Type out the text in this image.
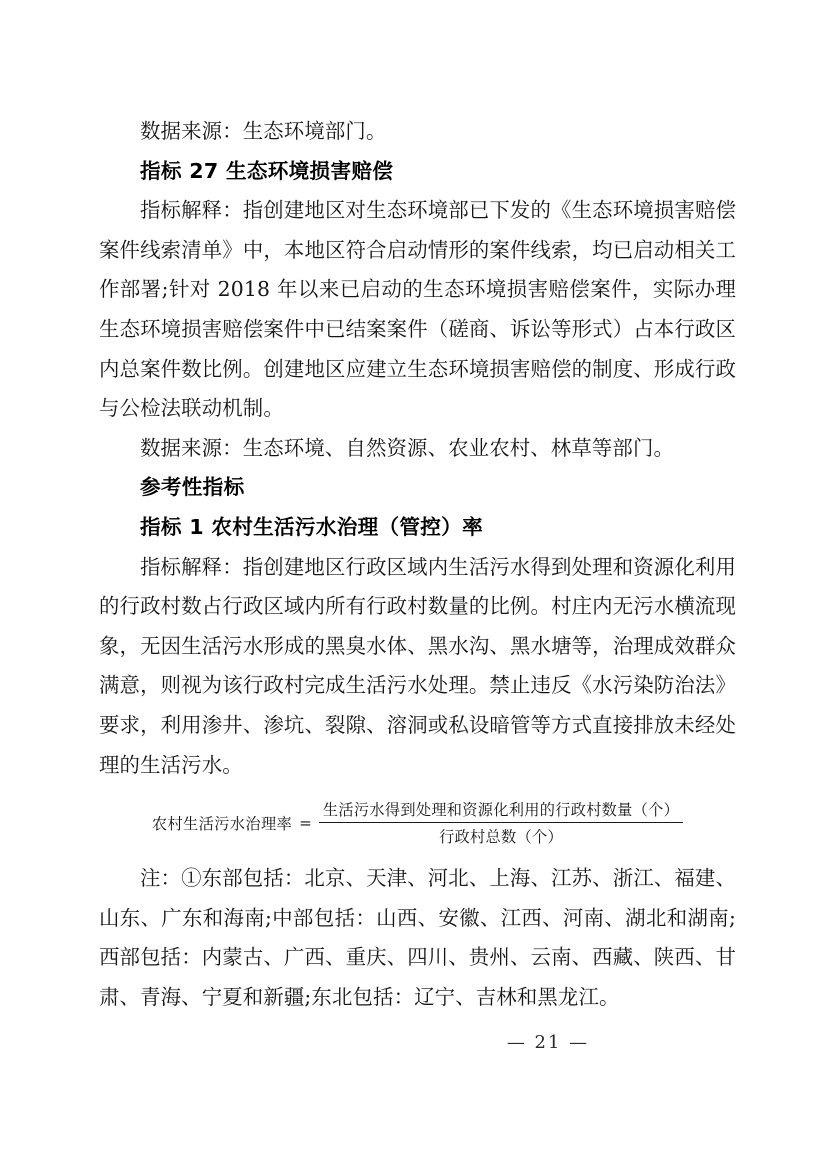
数据来源：生态环境部门。

指标 27 生态环境损害赔偿

指标解释：指创建地区对生态环境部已下发的《生态环境损害赔偿案件线索清单》中，本地区符合启动情形的案件线索，均已启动相关工作部署;针对 2018 年以来已启动的生态环境损害赔偿案件，实际办理生态环境损害赔偿案件中已结案案件（磋商、诉讼等形式）占本行政区内总案件数比例。创建地区应建立生态环境损害赔偿的制度、形成行政与公检法联动机制。

数据来源：生态环境、自然资源、农业农村、林草等部门。

参考性指标

指标 1 农村生活污水治理（管控）率

指标解释：指创建地区行政区域内生活污水得到处理和资源化利用的行政村数占行政区域内所有行政村数量的比例。村庄内无污水横流现象，无因生活污水形成的黑臭水体、黑水沟、黑水塘等，治理成效群众满意，则视为该行政村完成生活污水处理。禁止违反《水污染防治法》要求，利用渗井、渗坑、裂隙、溶洞或私设暗管等方式直接排放未经处理的生活污水。

农村生活污水治理率 = $\frac{\text{生活污水得到处理和资源化利用的行政村数量（个）}}{\text{行政村总数（个）}}$

注：①东部包括：北京、天津、河北、上海、江苏、浙江、福建、山东、广东和海南;中部包括：山西、安徽、江西、河南、湖北和湖南;西部包括：内蒙古、广西、重庆、四川、贵州、云南、西藏、陕西、甘肃、青海、宁夏和新疆;东北包括：辽宁、吉林和黑龙江。

— 21 —
